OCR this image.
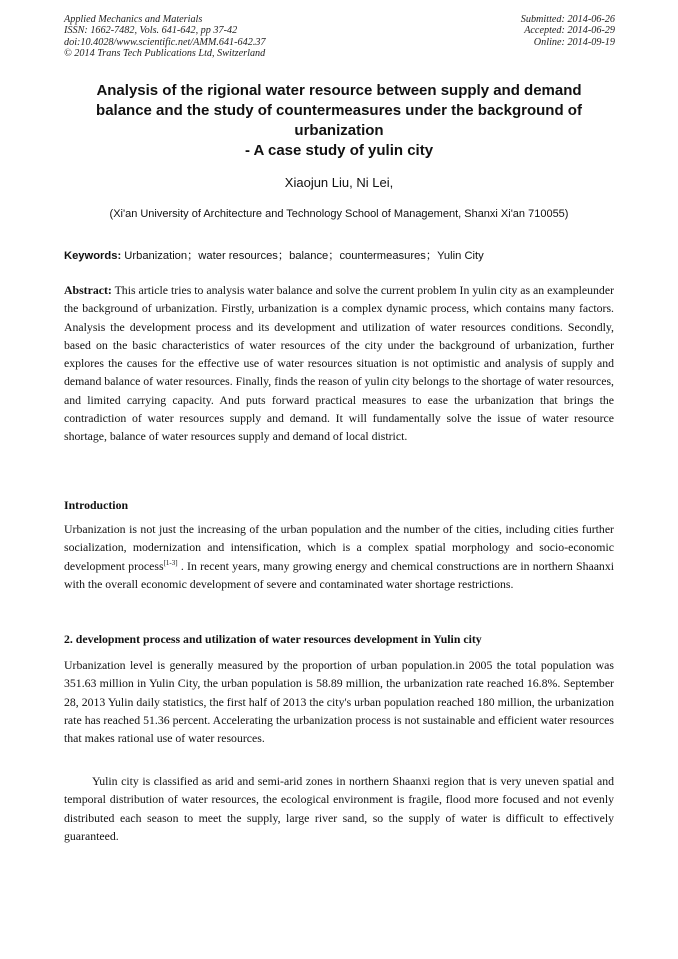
Applied Mechanics and Materials
ISSN: 1662-7482, Vols. 641-642, pp 37-42
doi:10.4028/www.scientific.net/AMM.641-642.37
© 2014 Trans Tech Publications Ltd, Switzerland
Submitted: 2014-06-26
Accepted: 2014-06-29
Online: 2014-09-19
Analysis of the rigional water resource between supply and demand
balance and the study of countermeasures under the background of
urbanization
- A case study of yulin city
Xiaojun Liu, Ni Lei,
(Xi'an University of Architecture and Technology School of Management, Shanxi Xi'an 710055)
Keywords: Urbanization；water resources；balance；countermeasures；Yulin City
Abstract: This article tries to analysis water balance and solve the current problem In yulin city as an exampleunder the background of urbanization. Firstly, urbanization is a complex dynamic process, which contains many factors. Analysis the development process and its development and utilization of water resources conditions. Secondly, based on the basic characteristics of water resources of the city under the background of urbanization, further explores the causes for the effective use of water resources situation is not optimistic and analysis of supply and demand balance of water resources. Finally, finds the reason of yulin city belongs to the shortage of water resources, and limited carrying capacity. And puts forward practical measures to ease the urbanization that brings the contradiction of water resources supply and demand. It will fundamentally solve the issue of water resource shortage, balance of water resources supply and demand of local district.
Introduction
Urbanization is not just the increasing of the urban population and the number of the cities, including cities further socialization, modernization and intensification, which is a complex spatial morphology and socio-economic development process[1-3] . In recent years, many growing energy and chemical constructions are in northern Shaanxi with the overall economic development of severe and contaminated water shortage restrictions.
2. development process and utilization of water resources development in Yulin city
Urbanization level is generally measured by the proportion of urban population.in 2005 the total population was 351.63 million in Yulin City, the urban population is 58.89 million, the urbanization rate reached 16.8%. September 28, 2013 Yulin daily statistics, the first half of 2013 the city's urban population reached 180 million, the urbanization rate has reached 51.36 percent. Accelerating the urbanization process is not sustainable and efficient water resources that makes rational use of water resources.
Yulin city is classified as arid and semi-arid zones in northern Shaanxi region that is very uneven spatial and temporal distribution of water resources, the ecological environment is fragile, flood more focused and not evenly distributed each season to meet the supply, large river sand, so the supply of water is difficult to effectively guaranteed.
